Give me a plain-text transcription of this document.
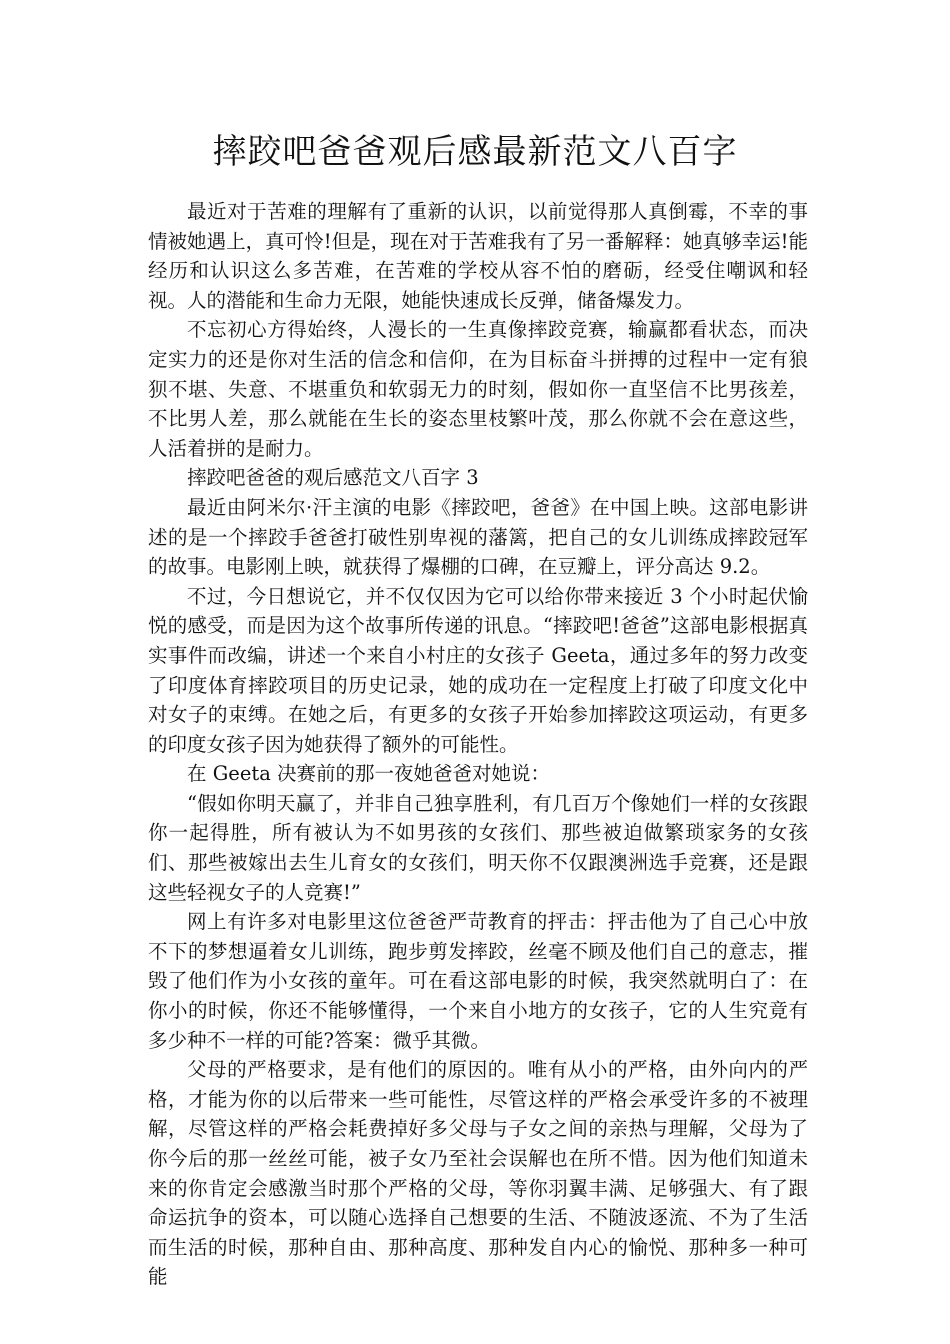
摔跤吧爸爸观后感最新范文八百字

最近对于苦难的理解有了重新的认识，以前觉得那人真倒霉，不幸的事情被她遇上，真可怜!但是，现在对于苦难我有了另一番解释：她真够幸运!能经历和认识这么多苦难，在苦难的学校从容不怕的磨砺，经受住嘲讽和轻视。人的潜能和生命力无限，她能快速成长反弹，储备爆发力。

不忘初心方得始终，人漫长的一生真像摔跤竞赛，输赢都看状态，而决定实力的还是你对生活的信念和信仰，在为目标奋斗拼搏的过程中一定有狼狈不堪、失意、不堪重负和软弱无力的时刻，假如你一直坚信不比男孩差，不比男人差，那么就能在生长的姿态里枝繁叶茂，那么你就不会在意这些，人活着拼的是耐力。

摔跤吧爸爸的观后感范文八百字 3

最近由阿米尔·汗主演的电影《摔跤吧，爸爸》在中国上映。这部电影讲述的是一个摔跤手爸爸打破性别卑视的藩篱，把自己的女儿训练成摔跤冠军的故事。电影刚上映，就获得了爆棚的口碑，在豆瓣上，评分高达 9.2。

不过，今日想说它，并不仅仅因为它可以给你带来接近 3 个小时起伏愉悦的感受，而是因为这个故事所传递的讯息。“摔跤吧!爸爸”这部电影根据真实事件而改编，讲述一个来自小村庄的女孩子 Geeta，通过多年的努力改变了印度体育摔跤项目的历史记录，她的成功在一定程度上打破了印度文化中对女子的束缚。在她之后，有更多的女孩子开始参加摔跤这项运动，有更多的印度女孩子因为她获得了额外的可能性。

在 Geeta 决赛前的那一夜她爸爸对她说：

“假如你明天赢了，并非自己独享胜利，有几百万个像她们一样的女孩跟你一起得胜，所有被认为不如男孩的女孩们、那些被迫做繁琐家务的女孩们、那些被嫁出去生儿育女的女孩们，明天你不仅跟澳洲选手竞赛，还是跟这些轻视女子的人竞赛!”

网上有许多对电影里这位爸爸严苛教育的抨击：抨击他为了自己心中放不下的梦想逼着女儿训练，跑步剪发摔跤，丝毫不顾及他们自己的意志，摧毁了他们作为小女孩的童年。可在看这部电影的时候，我突然就明白了：在你小的时候，你还不能够懂得，一个来自小地方的女孩子，它的人生究竟有多少种不一样的可能?答案：微乎其微。

父母的严格要求，是有他们的原因的。唯有从小的严格，由外向内的严格，才能为你的以后带来一些可能性，尽管这样的严格会承受许多的不被理解，尽管这样的严格会耗费掉好多父母与子女之间的亲热与理解，父母为了你今后的那一丝丝可能，被子女乃至社会误解也在所不惜。因为他们知道未来的你肯定会感激当时那个严格的父母，等你羽翼丰满、足够强大、有了跟命运抗争的资本，可以随心选择自己想要的生活、不随波逐流、不为了生活而生活的时候，那种自由、那种高度、那种发自内心的愉悦、那种多一种可能
